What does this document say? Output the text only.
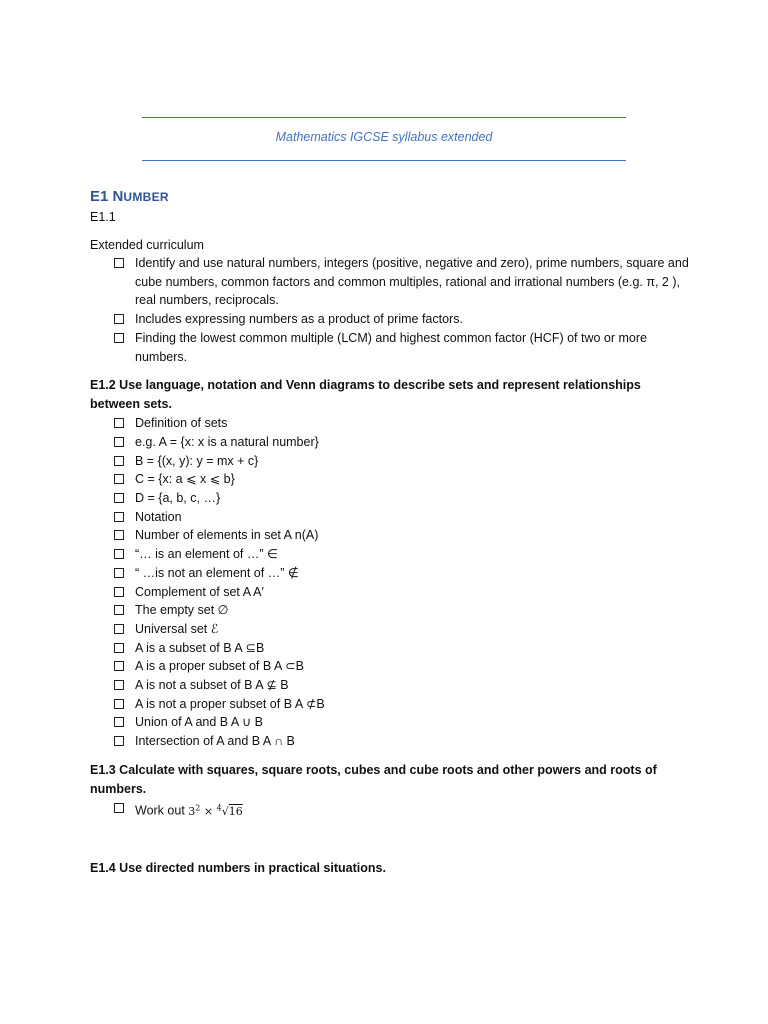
Mathematics IGCSE syllabus extended
E1 NUMBER

E1.1

Extended curriculum

Identify and use natural numbers, integers (positive, negative and zero), prime numbers, square and cube numbers, common factors and common multiples, rational and irrational numbers (e.g. π, 2 ), real numbers, reciprocals.
Includes expressing numbers as a product of prime factors.
Finding the lowest common multiple (LCM) and highest common factor (HCF) of two or more numbers.

E1.2 Use language, notation and Venn diagrams to describe sets and represent relationships between sets.

Definition of sets
e.g. A = {x: x is a natural number}
B = {(x, y): y = mx + c}
C = {x: a ⩽ x ⩽ b}
D = {a, b, c, …}
Notation
Number of elements in set A n(A)
“… is an element of …” ∈
“ …is not an element of …” ∉
Complement of set A A′
The empty set ∅
Universal set ℰ
A is a subset of B A ⊆B
A is a proper subset of B A ⊂B
A is not a subset of B A ⊈ B
A is not a proper subset of B A ⊄B
Union of A and B A ∪ B
Intersection of A and B A ∩ B

E1.3 Calculate with squares, square roots, cubes and cube roots and other powers and roots of numbers.

Work out $3^2 \times ^4√16$

E1.4 Use directed numbers in practical situations.
